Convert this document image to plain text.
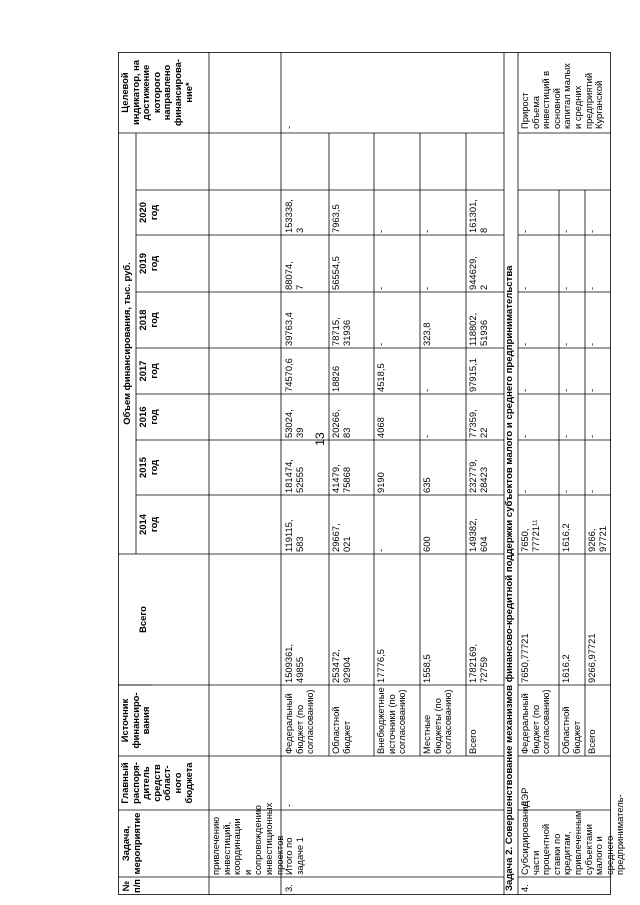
13
№
п/п
Задача,
мероприятие
Главный
распоря-
дитель
средств
област-
ного
бюджета
Источник
финансиро-
вания
Объем финансирования, тыс. руб.
Всего
2014
год
2015
год
2016
год
2017
год
2018
год
2019
год
2020
год
Целевой
индикатор, на
достижение
которого
направлено
финансирова-
ние*
привлечению
инвестиций,
координации и
сопровождению
инвестиционных
проектов
3.
Итого по задаче 1
-
-
Федеральный
бюджет (по
согласованию)
1509361,
49855
119115,
583
181474,
52555
53024,
39
74570,6
39763,4
88074,
7
153338,
3
Областной
бюджет
253472,
92904
29667,
021
41479,
75868
20266,
83
18826
78715,
31936
56554,5
7963,5
Внебюджетные
источники (по
согласованию)
17776,5
-
9190
4068
4518,5
-
-
-
Местные
бюджеты (по
согласованию)
1558,5
600
635
-
-
323,8
-
-
Всего
1782169,
72759
149382,
604
232779,
28423
77359,
22
97915,1
118802,
51936
944629,
2
161301,
8
Задача 2. Совершенствование механизмов финансово-кредитной поддержки субъектов малого и среднего предпринимательства 4.
Субсидирование
части процентной
ставки по
кредитам,
привлеченным
субъектами
малого и среднего
предприниматель-
ДЭР
Прирост
объема
инвестиций в
основной
капитал малых
и средних
предприятий
Курганской
Федеральный
бюджет (по
согласованию)
7650,77721
7650,
77721¹¹
-
-
-
-
-
-
Областной
бюджет
1616,2
1616,2
-
-
-
-
-
-
Всего
9266,97721
9266,
97721
-
-
-
-
-
-
